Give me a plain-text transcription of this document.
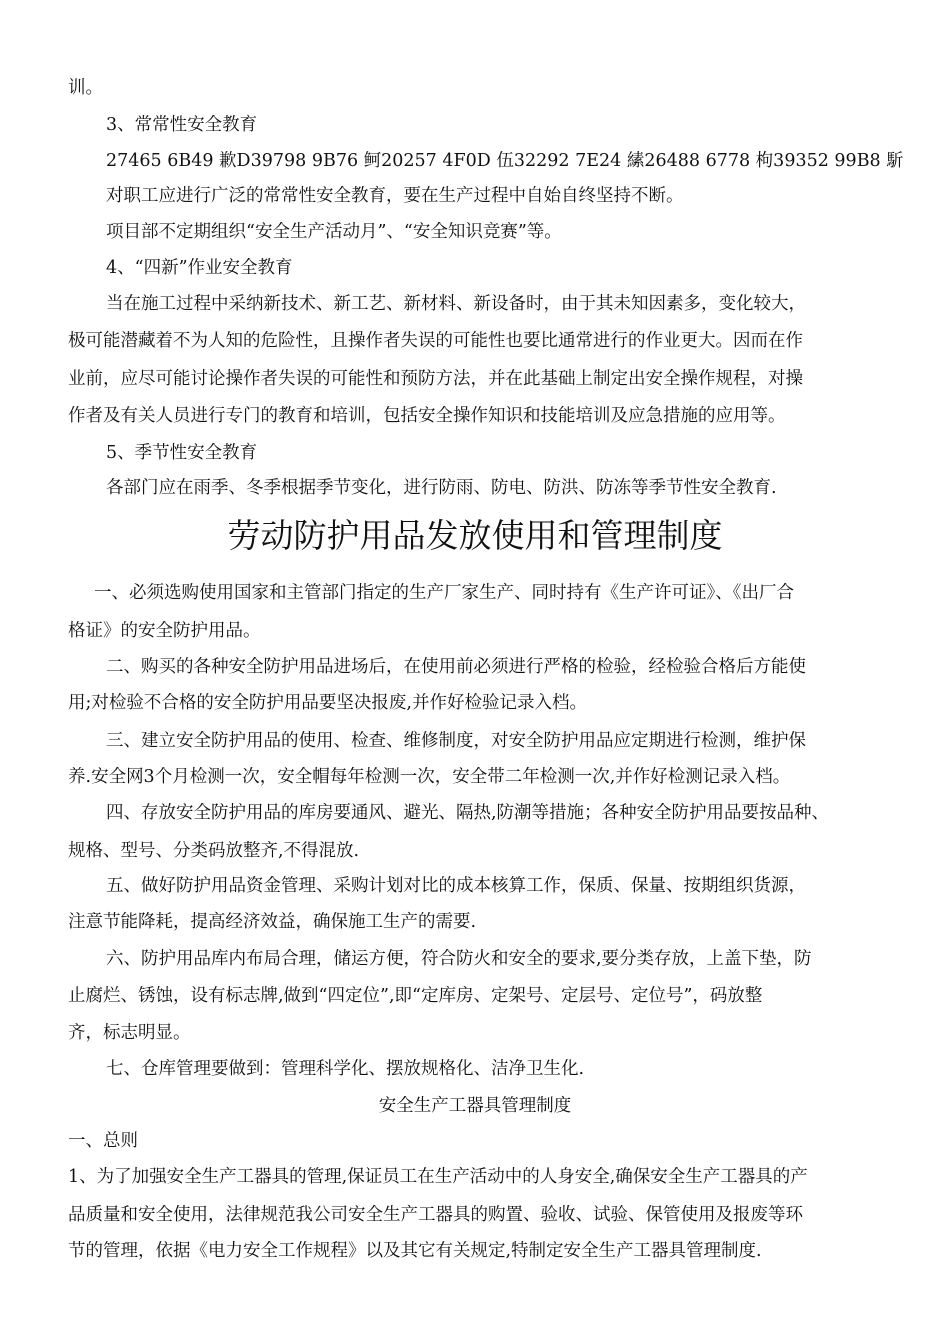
训。
3、常常性安全教育
27465 6B49 歉D39798 9B76 鲄20257 4F0D 伍32292 7E24 縤26488 6778 枸39352 99B8 馸
对职工应进行广泛的常常性安全教育，要在生产过程中自始自终坚持不断。
项目部不定期组织“安全生产活动月”、“安全知识竞赛”等。
4、“四新”作业安全教育
当在施工过程中采纳新技术、新工艺、新材料、新设备时，由于其未知因素多，变化较大，
极可能潜藏着不为人知的危险性，且操作者失误的可能性也要比通常进行的作业更大。因而在作
业前，应尽可能讨论操作者失误的可能性和预防方法，并在此基础上制定出安全操作规程，对操
作者及有关人员进行专门的教育和培训，包括安全操作知识和技能培训及应急措施的应用等。
5、季节性安全教育
各部门应在雨季、冬季根据季节变化，进行防雨、防电、防洪、防冻等季节性安全教育.
劳动防护用品发放使用和管理制度
一、必须选购使用国家和主管部门指定的生产厂家生产、同时持有《生产许可证》、《出厂合
格证》的安全防护用品。
二、购买的各种安全防护用品进场后，在使用前必须进行严格的检验，经检验合格后方能使
用;对检验不合格的安全防护用品要坚决报废,并作好检验记录入档。
三、建立安全防护用品的使用、检查、维修制度，对安全防护用品应定期进行检测，维护保
养.安全网3个月检测一次，安全帽每年检测一次，安全带二年检测一次,并作好检测记录入档。
四、存放安全防护用品的库房要通风、避光、隔热,防潮等措施；各种安全防护用品要按品种、
规格、型号、分类码放整齐,不得混放.
五、做好防护用品资金管理、采购计划对比的成本核算工作，保质、保量、按期组织货源，
注意节能降耗，提高经济效益，确保施工生产的需要.
六、防护用品库内布局合理，储运方便，符合防火和安全的要求,要分类存放，上盖下垫，防
止腐烂、锈蚀，设有标志牌,做到“四定位”,即“定库房、定架号、定层号、定位号”，码放整
齐，标志明显。
七、仓库管理要做到：管理科学化、摆放规格化、洁净卫生化.
安全生产工器具管理制度
一、总则
1、为了加强安全生产工器具的管理,保证员工在生产活动中的人身安全,确保安全生产工器具的产
品质量和安全使用，法律规范我公司安全生产工器具的购置、验收、试验、保管使用及报废等环
节的管理，依据《电力安全工作规程》以及其它有关规定,特制定安全生产工器具管理制度.
